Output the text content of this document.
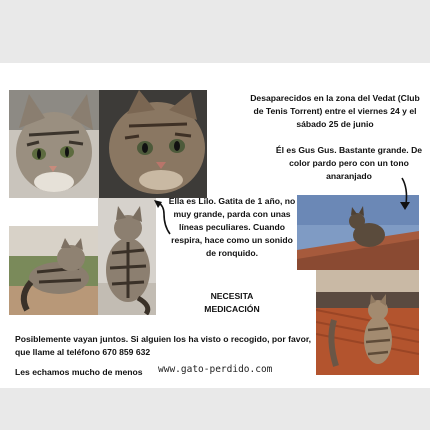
Desaparecidos en la zona del Vedat (Club de Tenis Torrent) entre el viernes 24 y el sábado 25 de junio
Él es Gus Gus. Bastante grande. De color pardo pero con un tono anaranjado
Ella es Lilo. Gatita de 1 año, no muy grande, parda con unas líneas peculiares. Cuando respira, hace como un sonido de ronquido.
NECESITA MEDICACIÓN
Posiblemente vayan juntos. Si alguien los ha visto o recogido, por favor, que llame al teléfono 670 859 632
Les echamos mucho de menos	www.gato-perdido.com
